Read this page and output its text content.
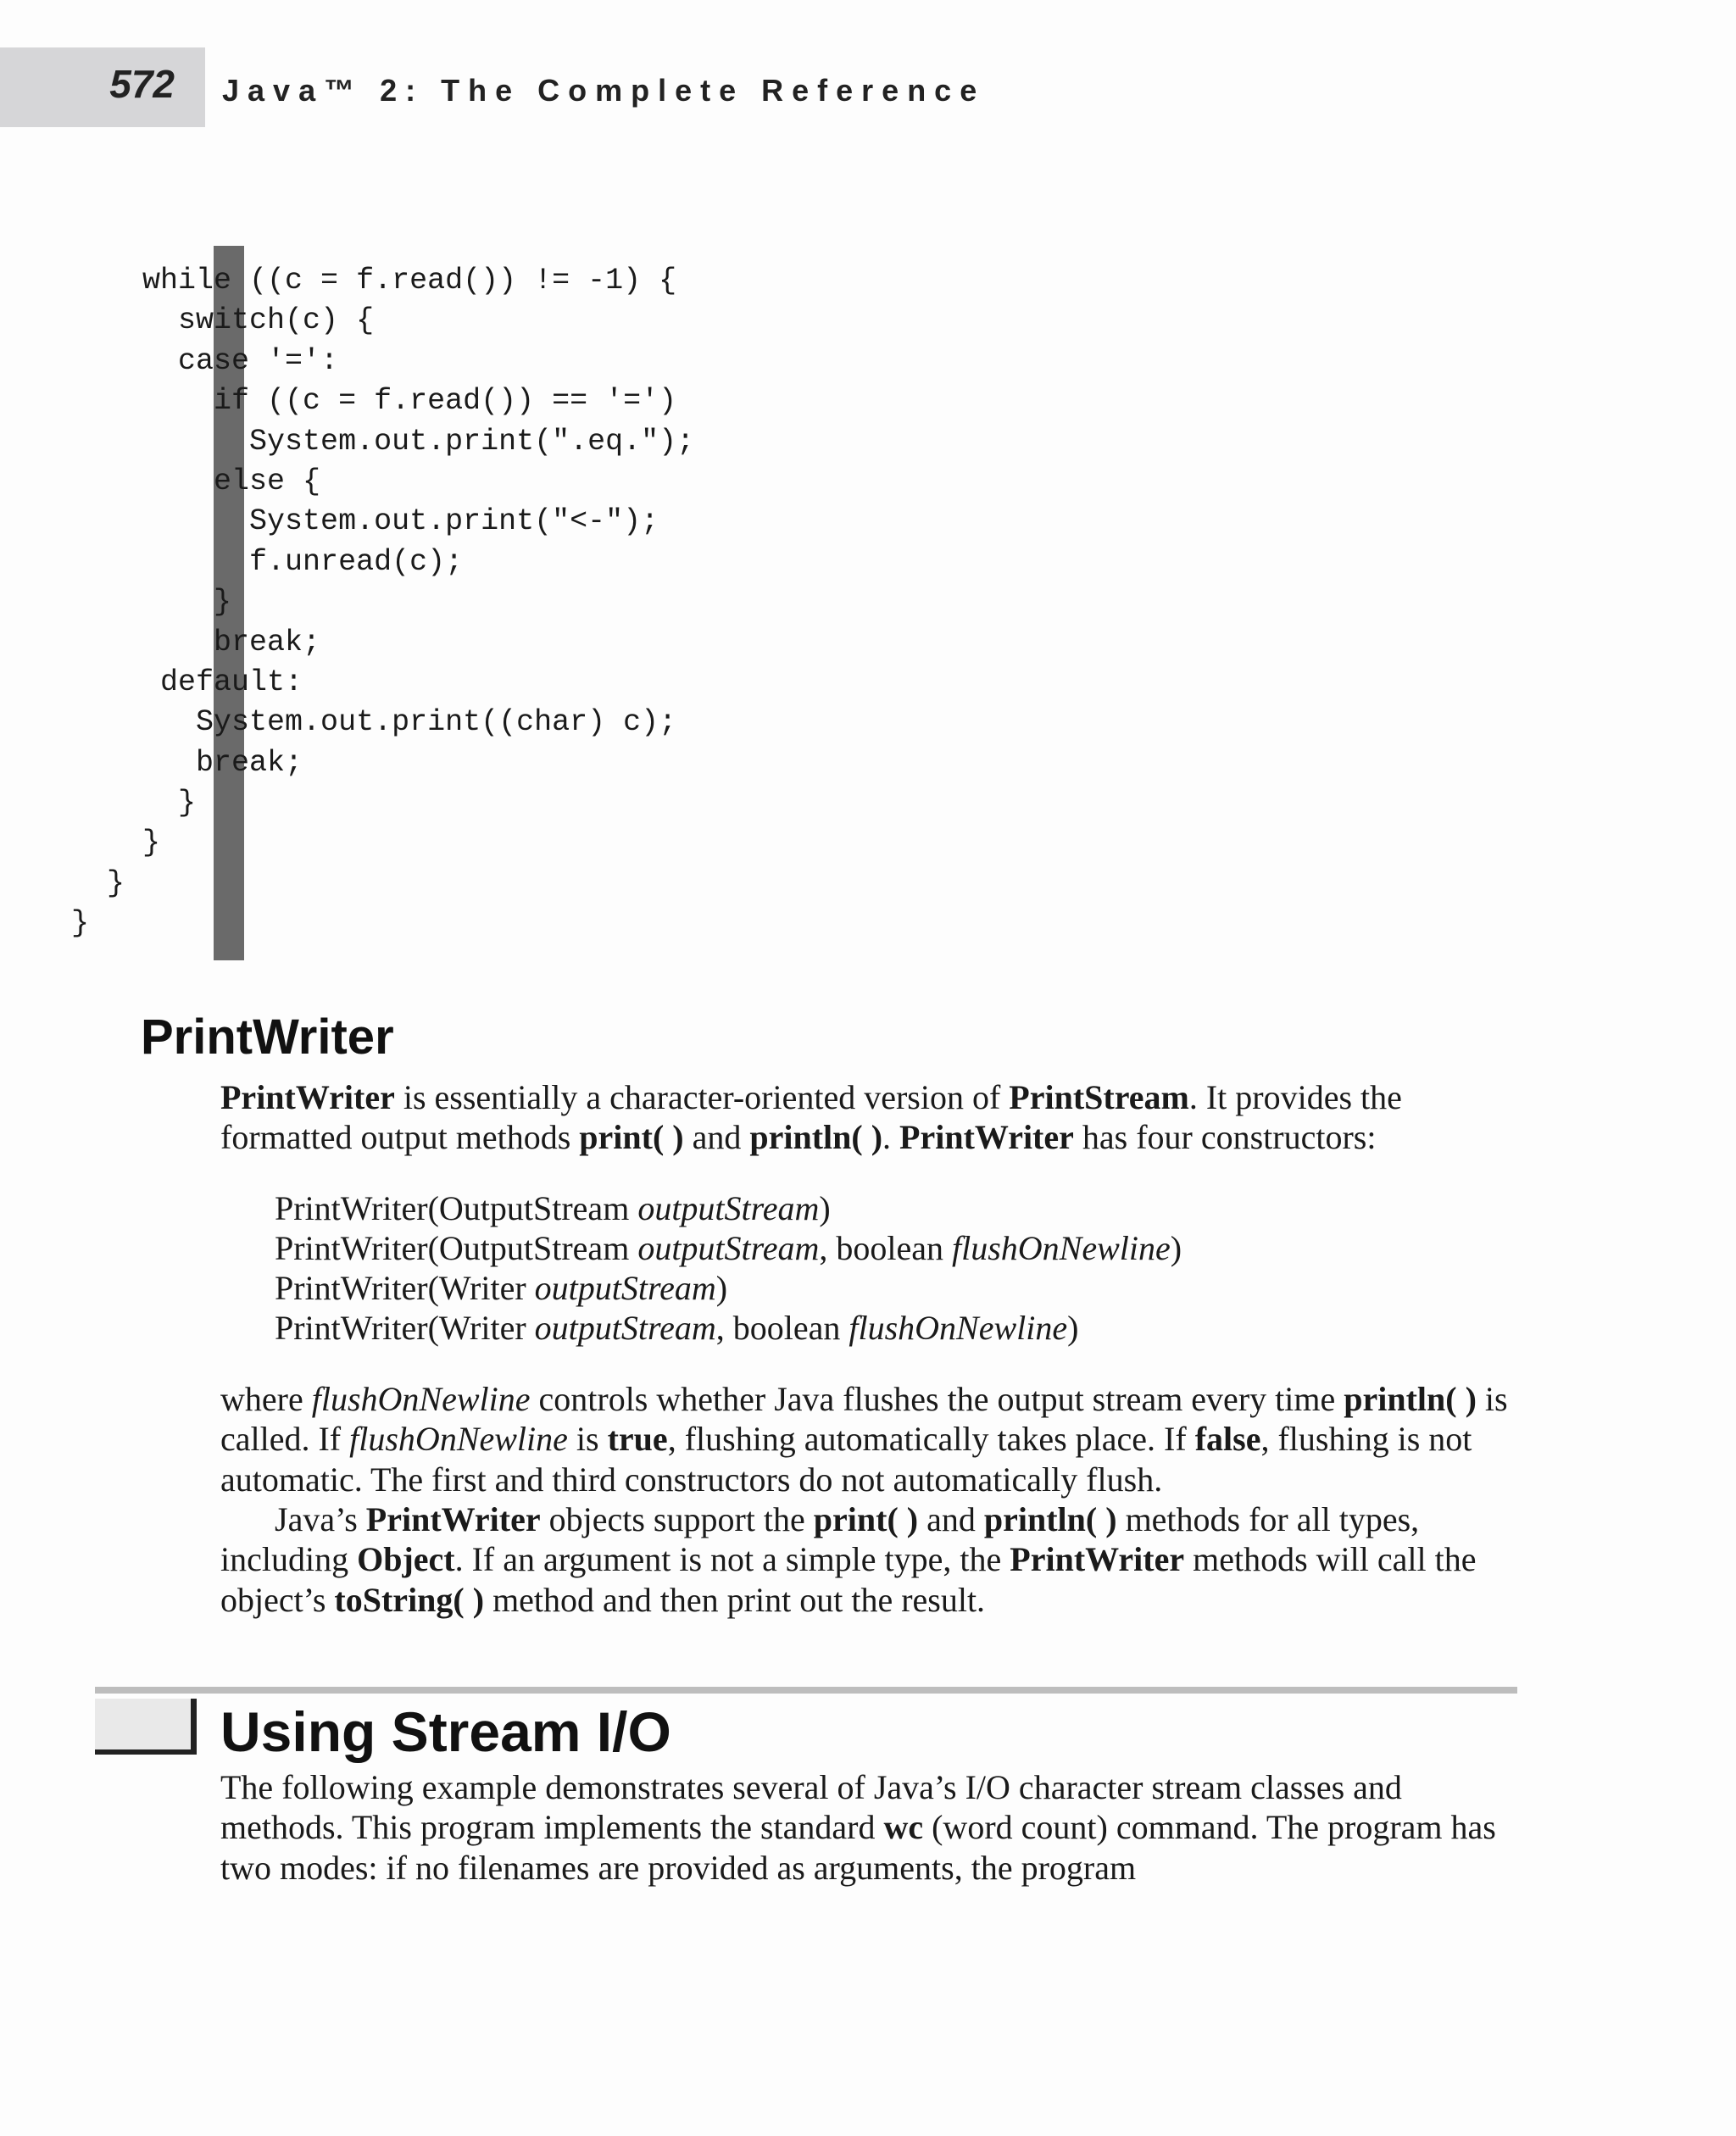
572 Java™ 2: The Complete Reference
while ((c = f.read()) != -1) {
switch(c) {
case '=':
if ((c = f.read()) == '=')
System.out.print(".eq.");
else {
System.out.print("<-");
f.unread(c);
}
break;
default:
System.out.print((char) c);
break;
}
}
}
}
PrintWriter

PrintWriter is essentially a character-oriented version of PrintStream. It provides the formatted output methods print( ) and println( ). PrintWriter has four constructors:

PrintWriter(OutputStream outputStream)
PrintWriter(OutputStream outputStream, boolean flushOnNewline)
PrintWriter(Writer outputStream)
PrintWriter(Writer outputStream, boolean flushOnNewline)

where flushOnNewline controls whether Java flushes the output stream every time println( ) is called. If flushOnNewline is true, flushing automatically takes place. If false, flushing is not automatic. The first and third constructors do not automatically flush.

Java’s PrintWriter objects support the print( ) and println( ) methods for all types, including Object. If an argument is not a simple type, the PrintWriter methods will call the object’s toString( ) method and then print out the result.

Using Stream I/O

The following example demonstrates several of Java’s I/O character stream classes and methods. This program implements the standard wc (word count) command. The program has two modes: if no filenames are provided as arguments, the program
